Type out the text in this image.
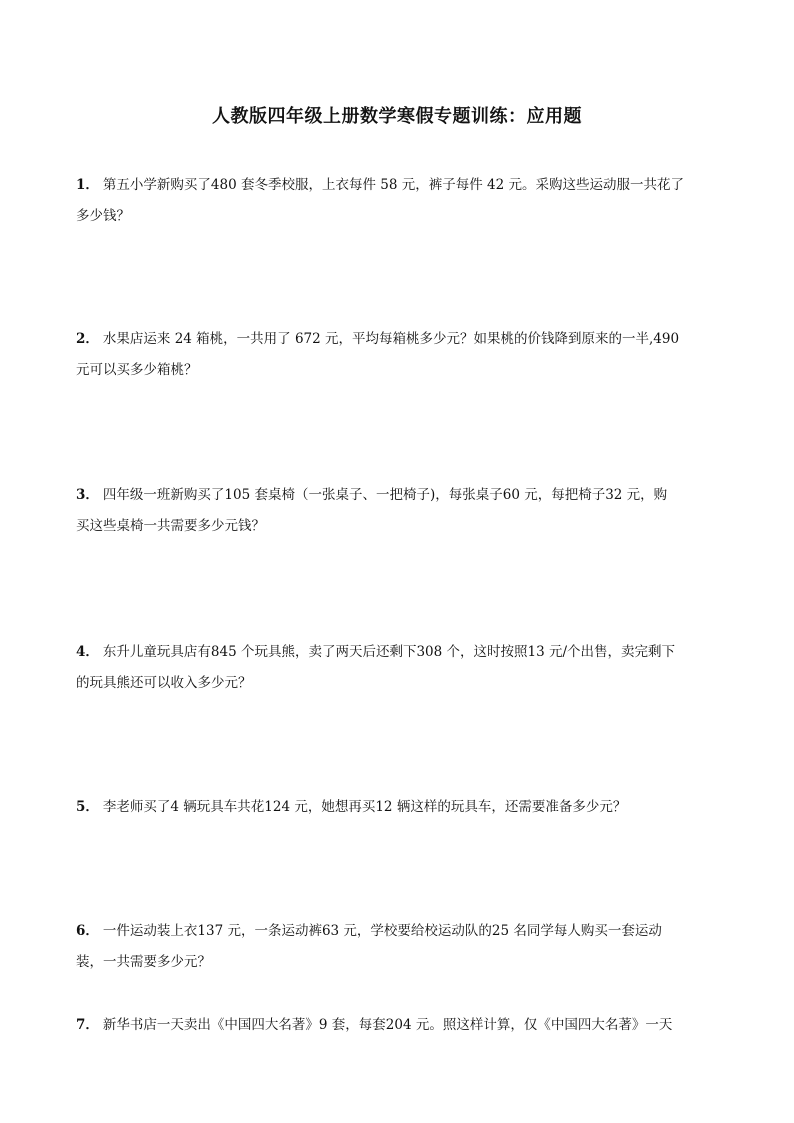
人教版四年级上册数学寒假专题训练：应用题
1． 第五小学新购买了480 套冬季校服，上衣每件 58 元，裤子每件 42 元。采购这些运动服一共花了
多少钱？
2． 水果店运来 24 箱桃，一共用了 672 元，平均每箱桃多少元？如果桃的价钱降到原来的一半,490
元可以买多少箱桃？
3． 四年级一班新购买了105 套桌椅（一张桌子、一把椅子)，每张桌子60 元，每把椅子32 元，购
买这些桌椅一共需要多少元钱？
4． 东升儿童玩具店有845 个玩具熊，卖了两天后还剩下308 个，这时按照13 元/个出售，卖完剩下
的玩具熊还可以收入多少元？
5． 李老师买了4 辆玩具车共花124 元，她想再买12 辆这样的玩具车，还需要准备多少元？
6． 一件运动装上衣137 元，一条运动裤63 元，学校要给校运动队的25 名同学每人购买一套运动
装，一共需要多少元？
7． 新华书店一天卖出《中国四大名著》9 套，每套204 元。照这样计算，仅《中国四大名著》一天
